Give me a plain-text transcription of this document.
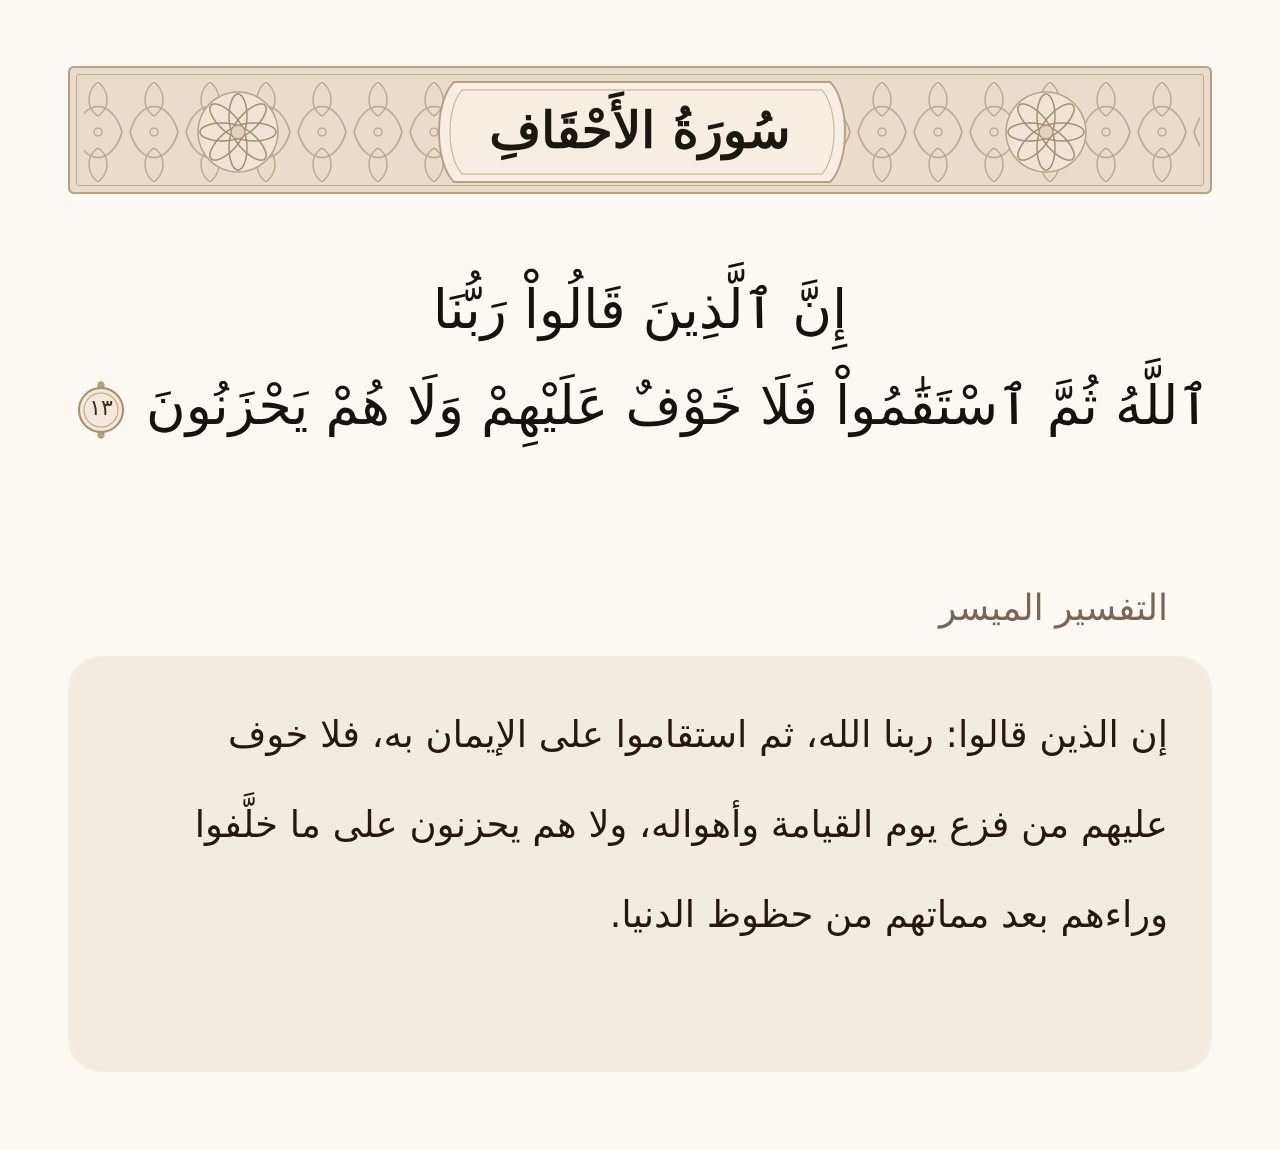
سُورَةُ الأَحْقَافِ
إِنَّ ٱلَّذِينَ قَالُواْ رَبُّنَا
ٱللَّهُ ثُمَّ ٱسْتَقَٰمُواْ فَلَا خَوْفٌ عَلَيْهِمْ وَلَا هُمْ يَحْزَنُونَ
١٣
التفسير الميسر

إن الذين قالوا: ربنا الله، ثم استقاموا على الإيمان به، فلا خوف عليهم من فزع يوم القيامة وأهواله، ولا هم يحزنون على ما خلَّفوا وراءهم بعد مماتهم من حظوظ الدنيا.
